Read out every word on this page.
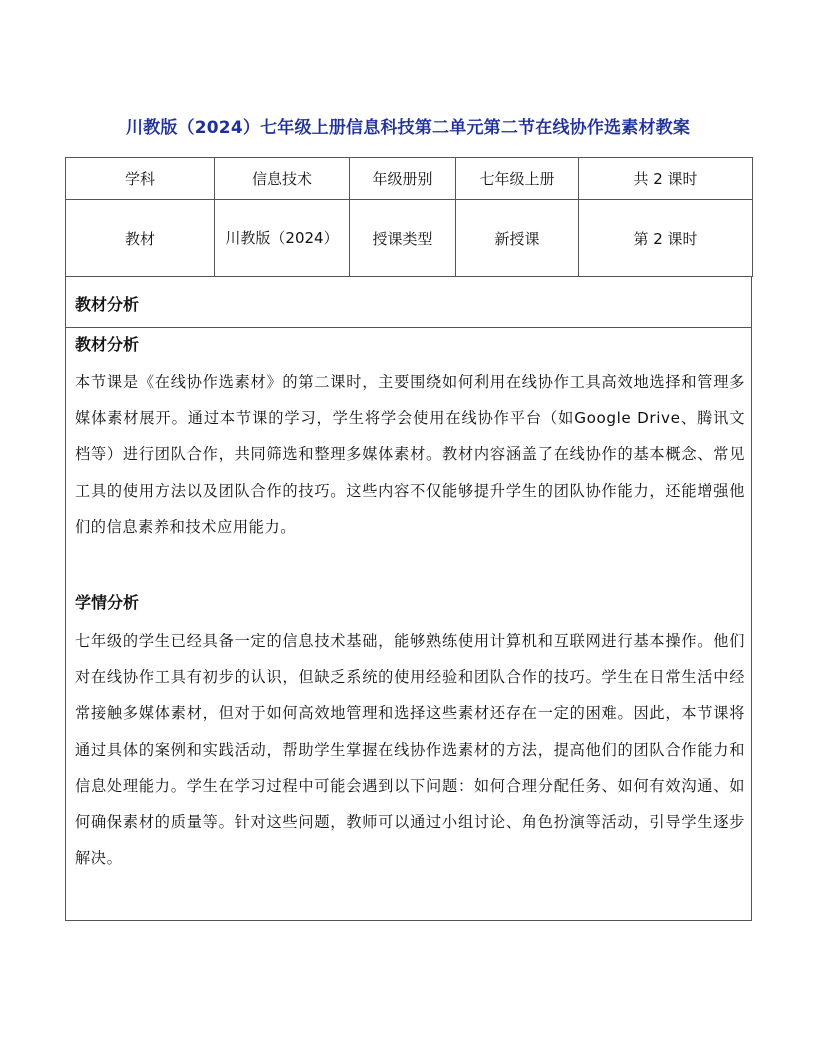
川教版（2024）七年级上册信息科技第二单元第二节在线协作选素材教案
学科	信息技术	年级册别	七年级上册	共 2 课时
教材	川教版（2024）	授课类型	新授课	第 2 课时
教材分析
教材分析

本节课是《在线协作选素材》的第二课时，主要围绕如何利用在线协作工具高效地选择和管理多媒体素材展开。通过本节课的学习，学生将学会使用在线协作平台（如Google Drive、腾讯文档等）进行团队合作，共同筛选和整理多媒体素材。教材内容涵盖了在线协作的基本概念、常见工具的使用方法以及团队合作的技巧。这些内容不仅能够提升学生的团队协作能力，还能增强他们的信息素养和技术应用能力。

学情分析

七年级的学生已经具备一定的信息技术基础，能够熟练使用计算机和互联网进行基本操作。他们对在线协作工具有初步的认识，但缺乏系统的使用经验和团队合作的技巧。学生在日常生活中经常接触多媒体素材，但对于如何高效地管理和选择这些素材还存在一定的困难。因此，本节课将通过具体的案例和实践活动，帮助学生掌握在线协作选素材的方法，提高他们的团队合作能力和信息处理能力。学生在学习过程中可能会遇到以下问题：如何合理分配任务、如何有效沟通、如何确保素材的质量等。针对这些问题，教师可以通过小组讨论、角色扮演等活动，引导学生逐步解决。
